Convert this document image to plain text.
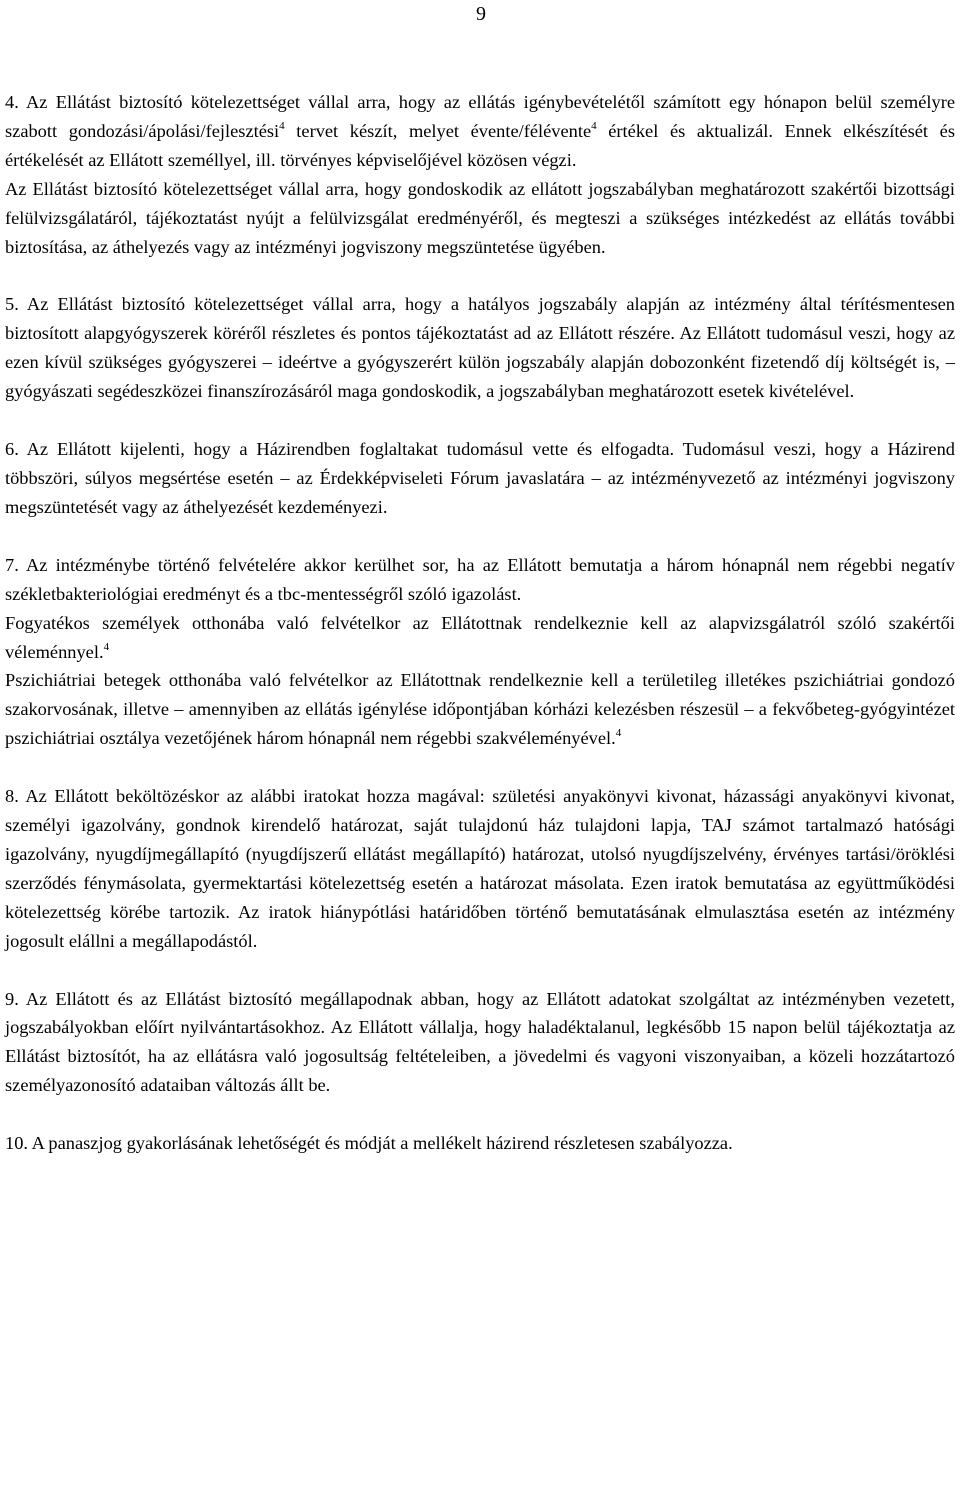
9

4. Az Ellátást biztosító kötelezettséget vállal arra, hogy az ellátás igénybevételétől számított egy hónapon belül személyre szabott gondozási/ápolási/fejlesztési$^4$ tervet készít, melyet évente/félévente$^4$ értékel és aktualizál. Ennek elkészítését és értékelését az Ellátott személlyel, ill. törvényes képviselőjével közösen végzi.

Az Ellátást biztosító kötelezettséget vállal arra, hogy gondoskodik az ellátott jogszabályban meghatározott szakértői bizottsági felülvizsgálatáról, tájékoztatást nyújt a felülvizsgálat eredményéről, és megteszi a szükséges intézkedést az ellátás további biztosítása, az áthelyezés vagy az intézményi jogviszony megszüntetése ügyében.

5. Az Ellátást biztosító kötelezettséget vállal arra, hogy a hatályos jogszabály alapján az intézmény által térítésmentesen biztosított alapgyógyszerek köréről részletes és pontos tájékoztatást ad az Ellátott részére. Az Ellátott tudomásul veszi, hogy az ezen kívül szükséges gyógyszerei – ideértve a gyógyszerért külön jogszabály alapján dobozonként fizetendő díj költségét is, – gyógyászati segédeszközei finanszírozásáról maga gondoskodik, a jogszabályban meghatározott esetek kivételével.

6. Az Ellátott kijelenti, hogy a Házirendben foglaltakat tudomásul vette és elfogadta. Tudomásul veszi, hogy a Házirend többszöri, súlyos megsértése esetén – az Érdekképviseleti Fórum javaslatára – az intézményvezető az intézményi jogviszony megszüntetését vagy az áthelyezését kezdeményezi.

7. Az intézménybe történő felvételére akkor kerülhet sor, ha az Ellátott bemutatja a három hónapnál nem régebbi negatív székletbakteriológiai eredményt és a tbc-mentességről szóló igazolást.

Fogyatékos személyek otthonába való felvételkor az Ellátottnak rendelkeznie kell az alapvizsgálatról szóló szakértői véleménnyel.$^4$

Pszichiátriai betegek otthonába való felvételkor az Ellátottnak rendelkeznie kell a területileg illetékes pszichiátriai gondozó szakorvosának, illetve – amennyiben az ellátás igénylése időpontjában kórházi kelezésben részesül – a fekvőbeteg-gyógyintézet pszichiátriai osztálya vezetőjének három hónapnál nem régebbi szakvéleményével.$^4$

8. Az Ellátott beköltözéskor az alábbi iratokat hozza magával: születési anyakönyvi kivonat, házassági anyakönyvi kivonat, személyi igazolvány, gondnok kirendelő határozat, saját tulajdonú ház tulajdoni lapja, TAJ számot tartalmazó hatósági igazolvány, nyugdíjmegállapító (nyugdíjszerű ellátást megállapító) határozat, utolsó nyugdíjszelvény, érvényes tartási/öröklési szerződés fénymásolata, gyermektartási kötelezettség esetén a határozat másolata. Ezen iratok bemutatása az együttműködési kötelezettség körébe tartozik. Az iratok hiánypótlási határidőben történő bemutatásának elmulasztása esetén az intézmény jogosult elállni a megállapodástól.

9. Az Ellátott és az Ellátást biztosító megállapodnak abban, hogy az Ellátott adatokat szolgáltat az intézményben vezetett, jogszabályokban előírt nyilvántartásokhoz. Az Ellátott vállalja, hogy haladéktalanul, legkésőbb 15 napon belül tájékoztatja az Ellátást biztosítót, ha az ellátásra való jogosultság feltételeiben, a jövedelmi és vagyoni viszonyaiban, a közeli hozzátartozó személyazonosító adataiban változás állt be.

10. A panaszjog gyakorlásának lehetőségét és módját a mellékelt házirend részletesen szabályozza.
